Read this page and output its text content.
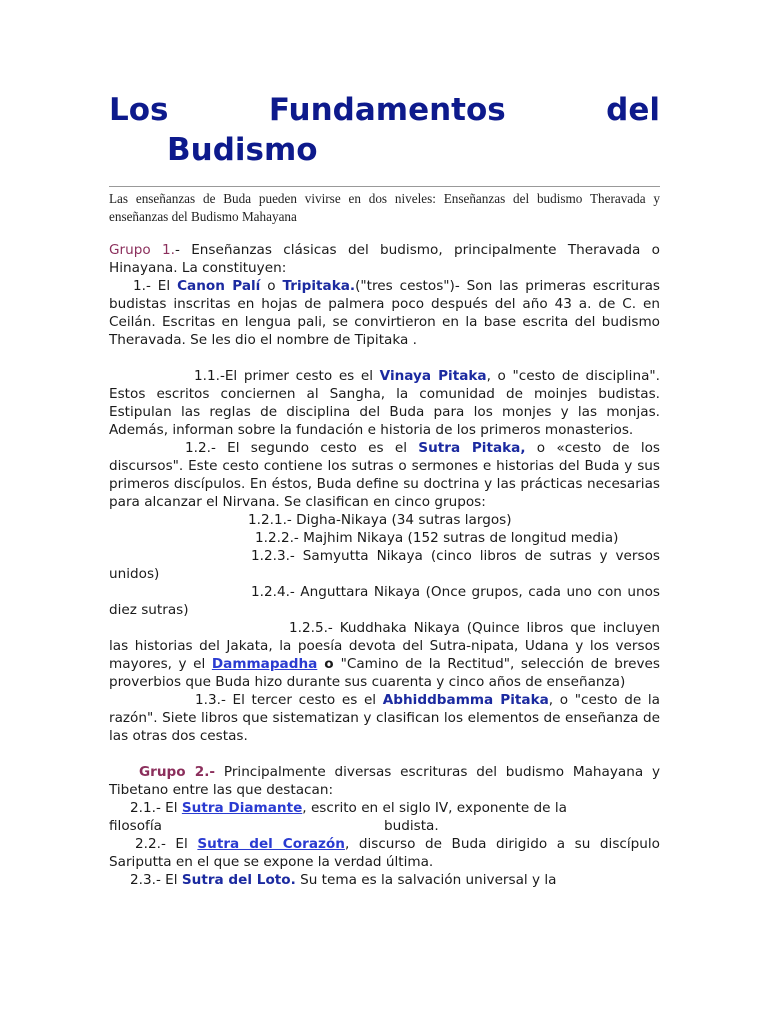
Los	Fundamentos	del
Budismo
Las enseñanzas de Buda pueden vivirse en dos niveles: Enseñanzas del budismo Theravada y enseñanzas del Budismo Mahayana

Grupo 1.- Enseñanzas clásicas del budismo, principalmente Theravada o Hinayana. La constituyen:

1.- El Canon Palí o Tripitaka.("tres cestos")- Son las primeras escrituras budistas inscritas en hojas de palmera poco después del año 43 a. de C. en Ceilán. Escritas en lengua pali, se convirtieron en la base escrita del budismo Theravada. Se les dio el nombre de Tipitaka .

1.1.-El primer cesto es el Vinaya Pitaka, o "cesto de disciplina". Estos escritos conciernen al Sangha, la comunidad de moinjes budistas. Estipulan las reglas de disciplina del Buda para los monjes y las monjas. Además, informan sobre la fundación e historia de los primeros monasterios.

1.2.- El segundo cesto es el Sutra Pitaka, o «cesto de los discursos". Este cesto contiene los sutras o sermones e historias del Buda y sus primeros discípulos. En éstos, Buda define su doctrina y las prácticas necesarias para alcanzar el Nirvana. Se clasifican en cinco grupos:

1.2.1.- Digha-Nikaya (34 sutras largos)

1.2.2.- Majhim Nikaya (152 sutras de longitud media)

1.2.3.- Samyutta Nikaya (cinco libros de sutras y versos unidos)

1.2.4.- Anguttara Nikaya (Once grupos, cada uno con unos diez sutras)

1.2.5.- Kuddhaka Nikaya (Quince libros que incluyen las historias del Jakata, la poesía devota del Sutra-nipata, Udana y los versos mayores, y el Dammapadha o "Camino de la Rectitud", selección de breves proverbios que Buda hizo durante sus cuarenta y cinco años de enseñanza)

1.3.- El tercer cesto es el Abhiddbamma Pitaka, o "cesto de la razón". Siete libros que sistematizan y clasifican los elementos de enseñanza de las otras dos cestas.

Grupo 2.- Principalmente diversas escrituras del budismo Mahayana y Tibetano entre las que destacan:

2.1.- El Sutra Diamante, escrito en el siglo IV, exponente de la

filosofía	budista.

2.2.- El Sutra del Corazón, discurso de Buda dirigido a su discípulo Sariputta en el que se expone la verdad última.

2.3.- El Sutra del Loto. Su tema es la salvación universal y la
